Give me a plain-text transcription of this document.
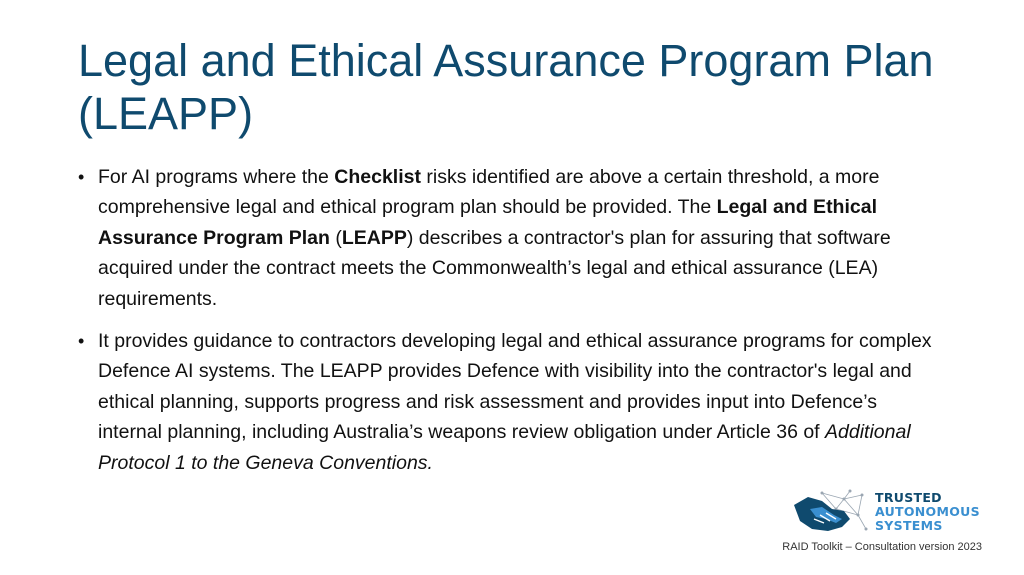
Legal and Ethical Assurance Program Plan (LEAPP)
• For AI programs where the Checklist risks identified are above a certain threshold, a more comprehensive legal and ethical program plan should be provided. The Legal and Ethical Assurance Program Plan (LEAPP) describes a contractor's plan for assuring that software acquired under the contract meets the Commonwealth’s legal and ethical assurance (LEA) requirements.
• It provides guidance to contractors developing legal and ethical assurance programs for complex Defence AI systems. The LEAPP provides Defence with visibility into the contractor's legal and ethical planning, supports progress and risk assessment and provides input into Defence’s internal planning, including Australia’s weapons review obligation under Article 36 of Additional Protocol 1 to the Geneva Conventions.
TRUSTED
AUTONOMOUS
SYSTEMS
RAID Toolkit – Consultation version 2023
